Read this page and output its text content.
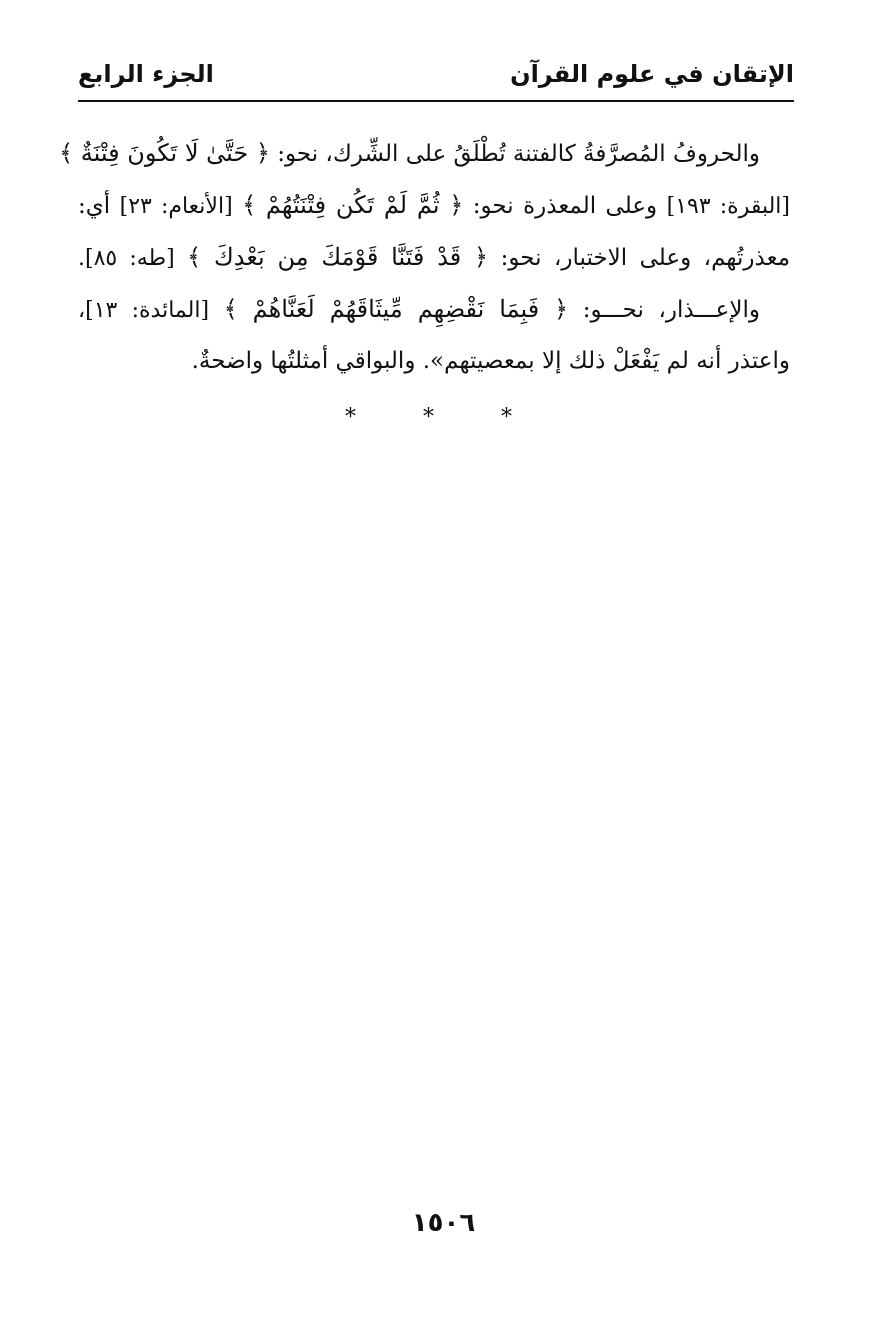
الإتقان في علوم القرآن
الجزء الرابع
والحروفُ المُصرَّفةُ كالفتنة تُطْلَقُ على الشِّرك، نحو: ﴿ حَتَّىٰ لَا تَكُونَ فِتْنَةٌ ﴾
[البقرة: ١٩٣] وعلى المعذرة نحو: ﴿ ثُمَّ لَمْ تَكُن فِتْنَتُهُمْ ﴾ [الأنعام: ٢٣] أي:
معذرتُهم، وعلى الاختبار، نحو: ﴿ قَدْ فَتَنَّا قَوْمَكَ مِن بَعْدِكَ ﴾ [طه: ٨٥].
والإعـــذار، نحـــو: ﴿ فَبِمَا نَقْضِهِم مِّيثَاقَهُمْ لَعَنَّاهُمْ ﴾ [المائدة: ١٣]،
واعتذر أنه لم يَفْعَلْ ذلك إلا بمعصيتهم». والبواقي أمثلتُها واضحةٌ.
* * *
١٥٠٦
